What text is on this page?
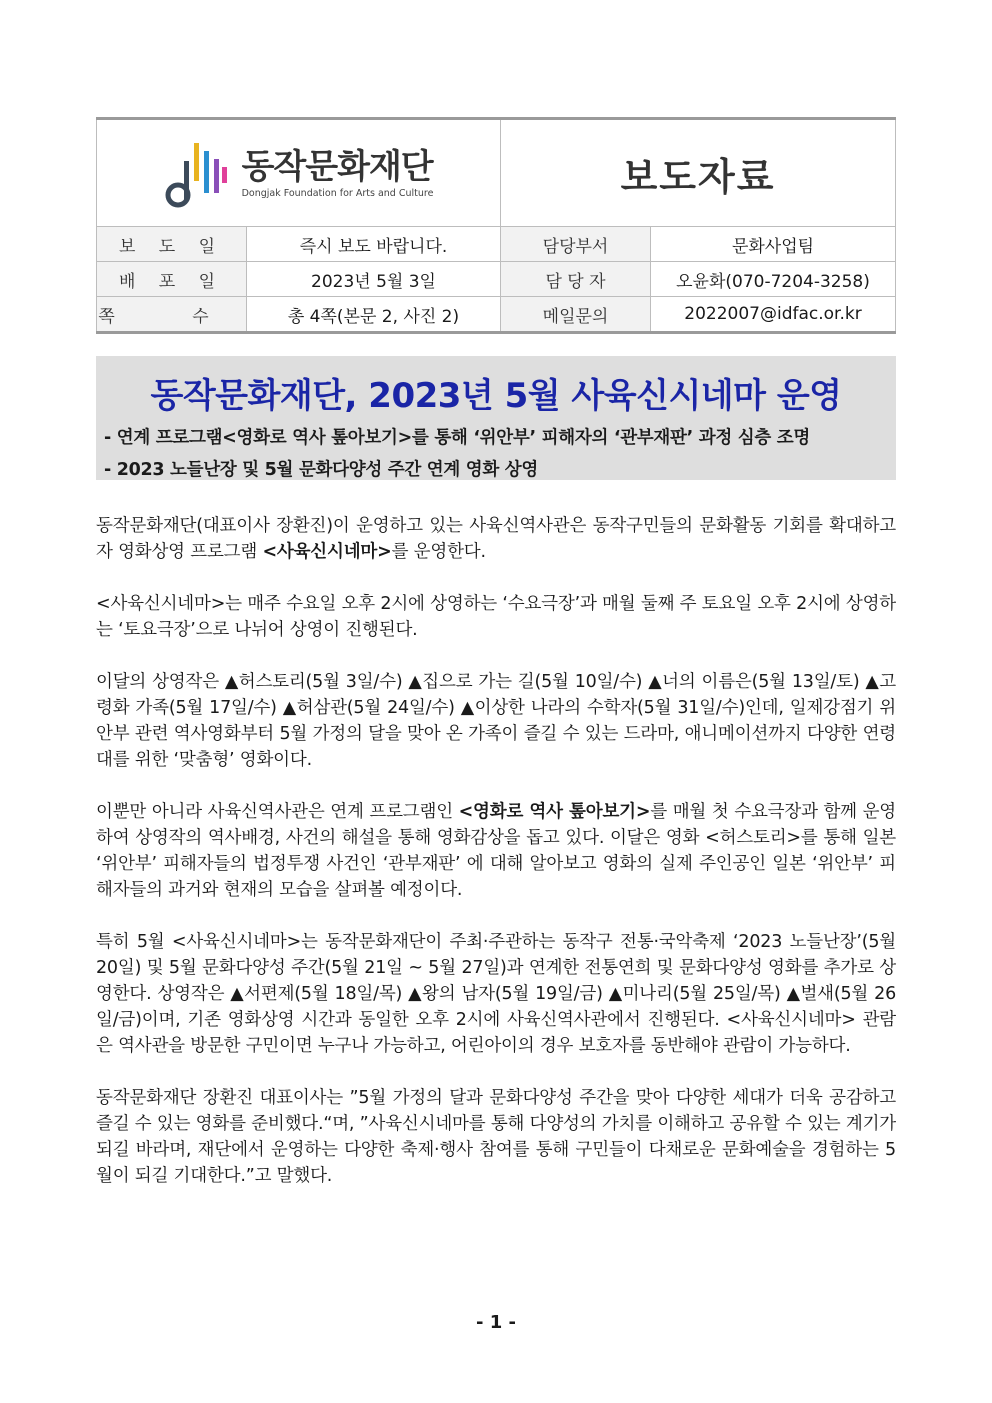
동작문화재단
Dongjak Foundation for Arts and Culture		보도자료	
보 도 일	즉시 보도 바랍니다.	담당부서	문화사업팀
배 포 일	2023년 5월 3일	담 당 자	오윤화(070-7204-3258)
쪽 수	총 4쪽(본문 2, 사진 2)	메일문의	2022007@idfac.or.kr
동작문화재단, 2023년 5월 사육신시네마 운영
- 연계 프로그램<영화로 역사 톺아보기>를 통해 ‘위안부’ 피해자의 ‘관부재판’ 과정 심층 조명
- 2023 노들난장 및 5월 문화다양성 주간 연계 영화 상영

동작문화재단(대표이사 장환진)이 운영하고 있는 사육신역사관은 동작구민들의 문화활동 기회를 확대하고자 영화상영 프로그램 <사육신시네마>를 운영한다.

<사육신시네마>는 매주 수요일 오후 2시에 상영하는 ‘수요극장’과 매월 둘째 주 토요일 오후 2시에 상영하는 ‘토요극장’으로 나뉘어 상영이 진행된다.

이달의 상영작은 ▲허스토리(5월 3일/수) ▲집으로 가는 길(5월 10일/수) ▲너의 이름은(5월 13일/토) ▲고령화 가족(5월 17일/수) ▲허삼관(5월 24일/수) ▲이상한 나라의 수학자(5월 31일/수)인데, 일제강점기 위안부 관련 역사영화부터 5월 가정의 달을 맞아 온 가족이 즐길 수 있는 드라마, 애니메이션까지 다양한 연령대를 위한 ‘맞춤형’ 영화이다.

이뿐만 아니라 사육신역사관은 연계 프로그램인 <영화로 역사 톺아보기>를 매월 첫 수요극장과 함께 운영하여 상영작의 역사배경, 사건의 해설을 통해 영화감상을 돕고 있다. 이달은 영화 <허스토리>를 통해 일본 ‘위안부’ 피해자들의 법정투쟁 사건인 ‘관부재판’ 에 대해 알아보고 영화의 실제 주인공인 일본 ‘위안부’ 피해자들의 과거와 현재의 모습을 살펴볼 예정이다.

특히 5월 <사육신시네마>는 동작문화재단이 주최·주관하는 동작구 전통·국악축제 ‘2023 노들난장’(5월 20일) 및 5월 문화다양성 주간(5월 21일 ~ 5월 27일)과 연계한 전통연희 및 문화다양성 영화를 추가로 상영한다. 상영작은 ▲서편제(5월 18일/목) ▲왕의 남자(5월 19일/금) ▲미나리(5월 25일/목) ▲벌새(5월 26일/금)이며, 기존 영화상영 시간과 동일한 오후 2시에 사육신역사관에서 진행된다. <사육신시네마> 관람은 역사관을 방문한 구민이면 누구나 가능하고, 어린아이의 경우 보호자를 동반해야 관람이 가능하다.

동작문화재단 장환진 대표이사는 ”5월 가정의 달과 문화다양성 주간을 맞아 다양한 세대가 더욱 공감하고 즐길 수 있는 영화를 준비했다.“며, ”사육신시네마를 통해 다양성의 가치를 이해하고 공유할 수 있는 계기가 되길 바라며, 재단에서 운영하는 다양한 축제·행사 참여를 통해 구민들이 다채로운 문화예술을 경험하는 5월이 되길 기대한다.”고 말했다.

- 1 -
